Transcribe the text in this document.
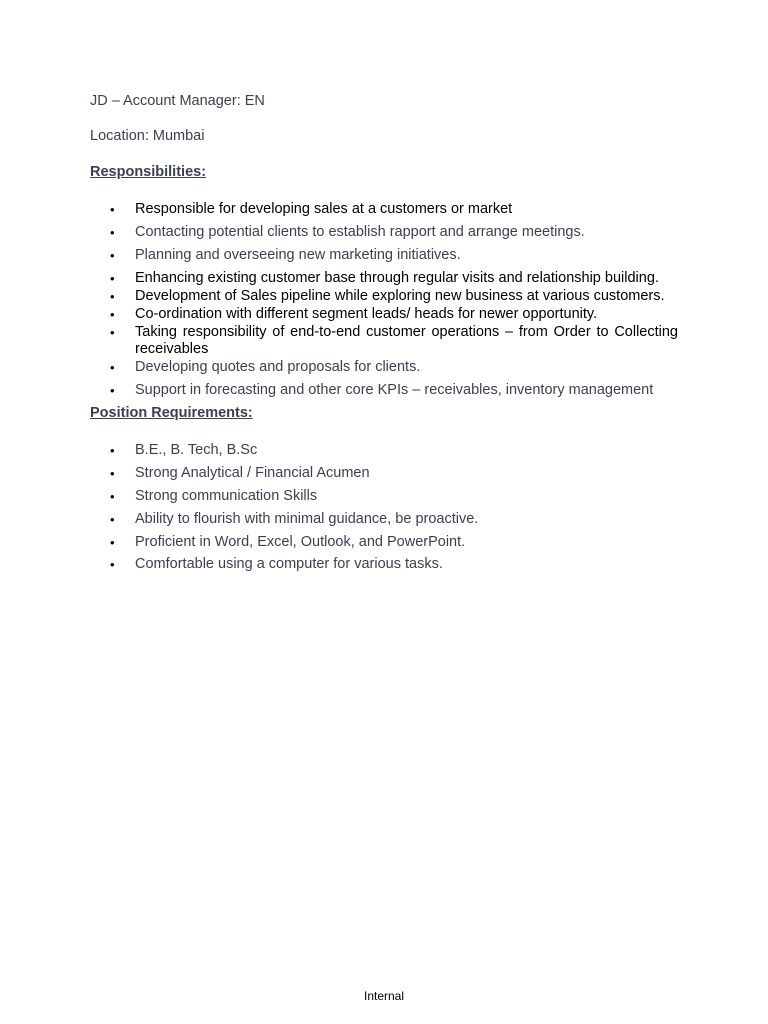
JD – Account Manager: EN

Location: Mumbai

Responsibilities:

• Responsible for developing sales at a customers or market
• Contacting potential clients to establish rapport and arrange meetings.
• Planning and overseeing new marketing initiatives.
• Enhancing existing customer base through regular visits and relationship building.
• Development of Sales pipeline while exploring new business at various customers.
• Co-ordination with different segment leads/ heads for newer opportunity.
• Taking responsibility of end-to-end customer operations – from Order to Collecting receivables
• Developing quotes and proposals for clients.
• Support in forecasting and other core KPIs – receivables, inventory management

Position Requirements:

• B.E., B. Tech, B.Sc
• Strong Analytical / Financial Acumen
• Strong communication Skills
• Ability to flourish with minimal guidance, be proactive.
• Proficient in Word, Excel, Outlook, and PowerPoint.
• Comfortable using a computer for various tasks.
Internal
